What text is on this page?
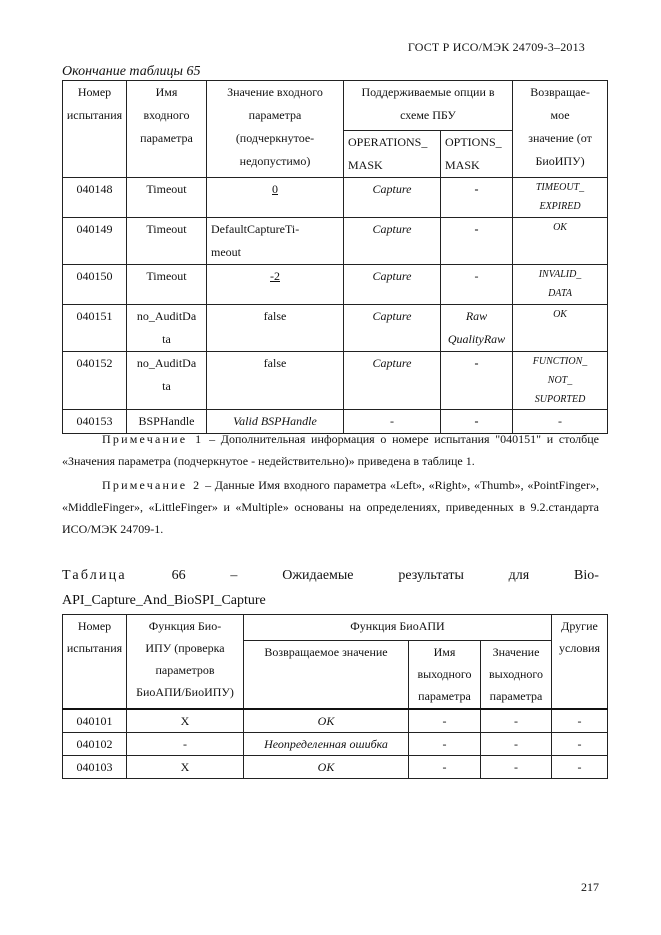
ГОСТ Р ИСО/МЭК 24709-3–2013
Окончание таблицы 65
Номер
испытания	Имя
входного
параметра	Значение входного
параметра
(подчеркнутое-
недопустимо)	Поддерживаемые опции в
схеме ПБУ		Возвращае-
мое
значение (от
БиоИПУ)
			OPERATIONS_
MASK	OPTIONS_
MASK	
040148	Timeout	0	Capture	-	TIMEOUT_
EXPIRED
040149	Timeout	DefaultCaptureTi-
meout	Capture	-	OK
040150	Timeout	-2	Capture	-	INVALID_
DATA
040151	no_AuditDa
ta	false	Capture	Raw
QualityRaw	OK
040152	no_AuditDa
ta	false	Capture	-	FUNCTION_
NOT_
SUPORTED
040153	BSPHandle	Valid BSPHandle	-	-	-
Примечание 1 – Дополнительная информация о номере испытания "040151" и столбце «Значения параметра (подчеркнутое - недействительно)» приведена в таблице 1.
Примечание 2 – Данные Имя входного параметра «Left», «Right», «Thumb», «PointFinger», «MiddleFinger», «LittleFinger» и «Multiple» основаны на определениях, приведенных в 9.2.стандарта ИСО/МЭК 24709-1.
Таблица	66	–	Ожидаемые	результаты	для	Bio-
API_Capture_And_BioSPI_Capture
Номер
испытания	Функция Био-
ИПУ (проверка
параметров
БиоАПИ/БиоИПУ)	Функция БиоАПИ			Другие
условия
		Возвращаемое значение	Имя
выходного
параметра	Значение
выходного
параметра	
040101	X	OK	-	-	-
040102	-	Неопределенная ошибка	-	-	-
040103	X	OK	-	-	-
217
